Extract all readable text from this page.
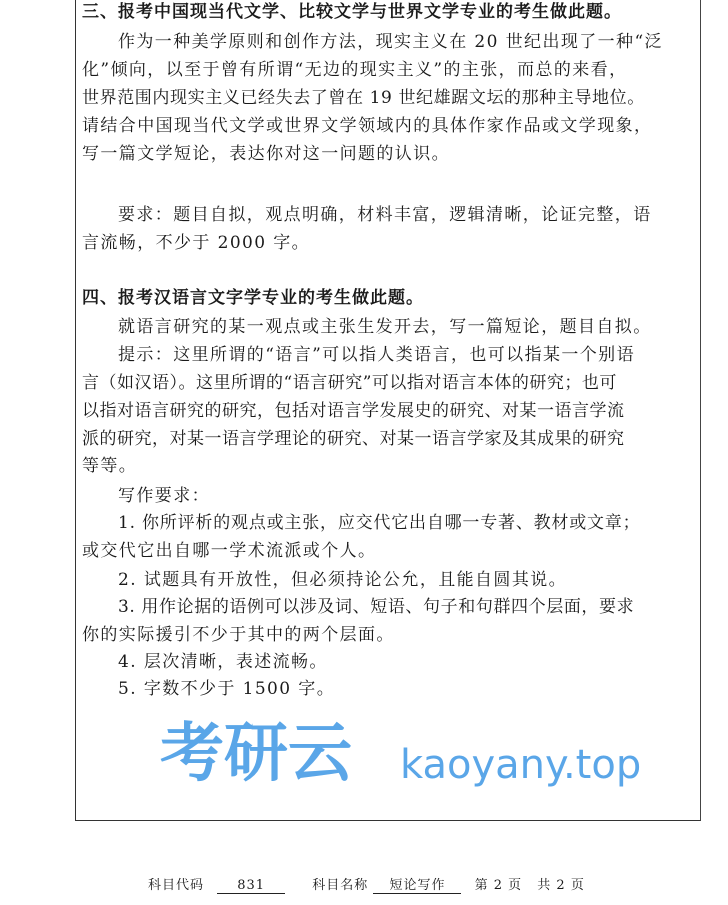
三、报考中国现当代文学、比较文学与世界文学专业的考生做此题。
作为一种美学原则和创作方法，现实主义在 20 世纪出现了一种“泛
化”倾向，以至于曾有所谓“无边的现实主义”的主张，而总的来看，
世界范围内现实主义已经失去了曾在 19 世纪雄踞文坛的那种主导地位。
请结合中国现当代文学或世界文学领域内的具体作家作品或文学现象，
写一篇文学短论，表达你对这一问题的认识。
要求：题目自拟，观点明确，材料丰富，逻辑清晰，论证完整，语
言流畅，不少于 2000 字。
四、报考汉语言文字学专业的考生做此题。
就语言研究的某一观点或主张生发开去，写一篇短论，题目自拟。
提示：这里所谓的“语言”可以指人类语言，也可以指某一个别语
言（如汉语）。这里所谓的“语言研究”可以指对语言本体的研究；也可
以指对语言研究的研究，包括对语言学发展史的研究、对某一语言学流
派的研究，对某一语言学理论的研究、对某一语言学家及其成果的研究
等等。
写作要求：
1. 你所评析的观点或主张，应交代它出自哪一专著、教材或文章；
或交代它出自哪一学术流派或个人。
2. 试题具有开放性，但必须持论公允，且能自圆其说。
3. 用作论据的语例可以涉及词、短语、句子和句群四个层面，要求
你的实际援引不少于其中的两个层面。
4. 层次清晰，表述流畅。
5. 字数不少于 1500 字。
考研云 kaoyany.top
科目代码	831	科目名称 短论写作 第 2 页 共 2 页
